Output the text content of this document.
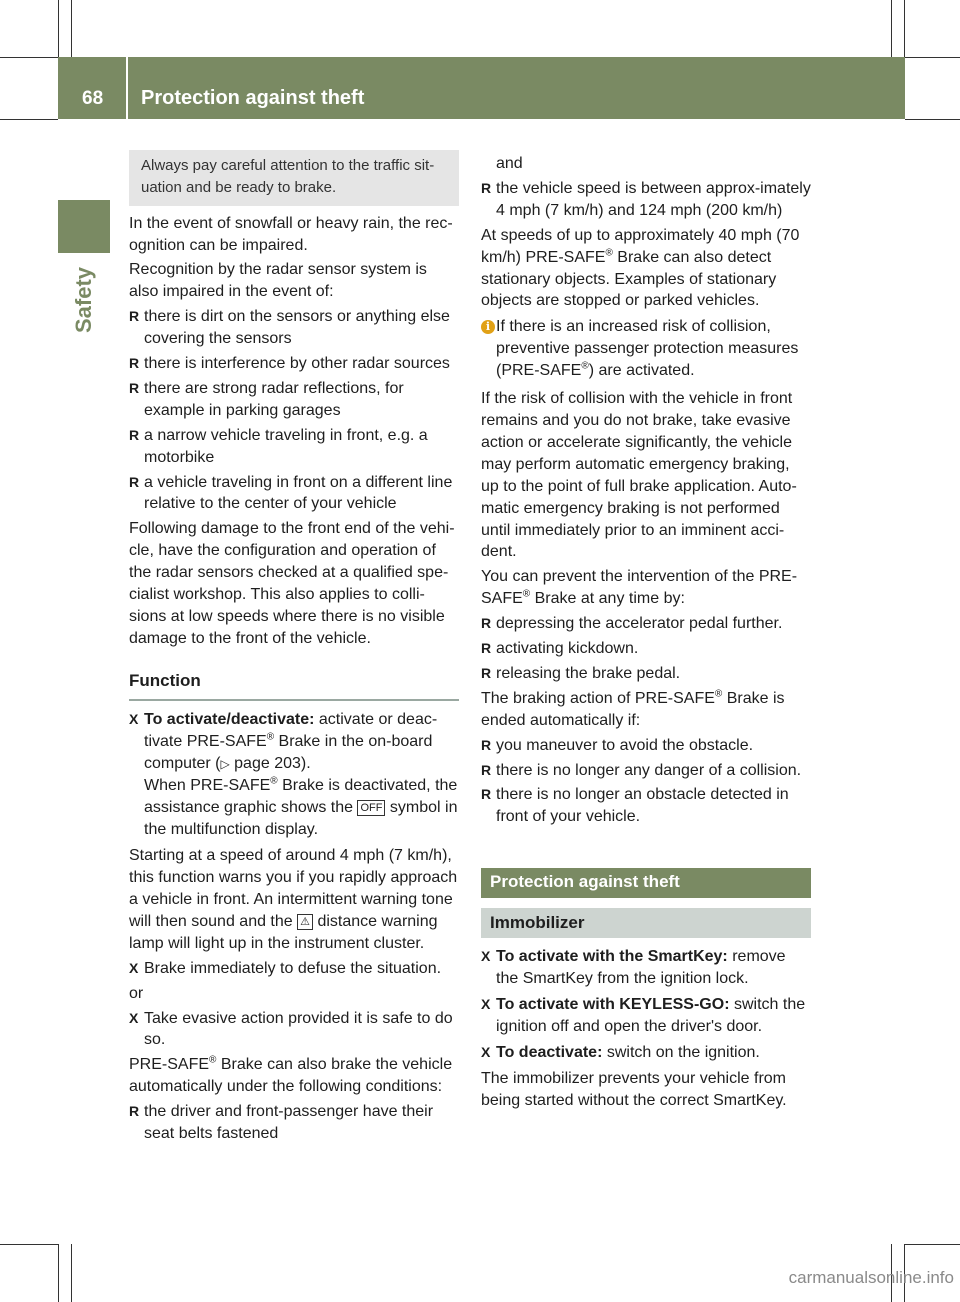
68 Protection against theft
Safety
Always pay careful attention to the traffic sit-uation and be ready to brake.

In the event of snowfall or heavy rain, the rec-ognition can be impaired.

Recognition by the radar sensor system is also impaired in the event of:

R there is dirt on the sensors or anything else covering the sensors

R there is interference by other radar sources

R there are strong radar reflections, for example in parking garages

R a narrow vehicle traveling in front, e.g. a motorbike

R a vehicle traveling in front on a different line relative to the center of your vehicle

Following damage to the front end of the vehi-cle, have the configuration and operation of the radar sensors checked at a qualified spe-cialist workshop. This also applies to colli-sions at low speeds where there is no visible damage to the front of the vehicle.

Function
X To activate/deactivate: activate or deac-tivate PRE-SAFE® Brake in the on-board computer (▷ page 203).
When PRE-SAFE® Brake is deactivated, the assistance graphic shows the OFF symbol in the multifunction display.

Starting at a speed of around 4 mph (7 km/h), this function warns you if you rapidly approach a vehicle in front. An intermittent warning tone will then sound and the ⚠ distance warning lamp will light up in the instrument cluster.

X Brake immediately to defuse the situation.

or

X Take evasive action provided it is safe to do so.

PRE-SAFE® Brake can also brake the vehicle automatically under the following conditions:

R the driver and front-passenger have their seat belts fastened

and

R the vehicle speed is between approx-imately 4 mph (7 km/h) and 124 mph (200 km/h)

At speeds of up to approximately 40 mph (70 km/h) PRE-SAFE® Brake can also detect stationary objects. Examples of stationary objects are stopped or parked vehicles.

i If there is an increased risk of collision, preventive passenger protection measures (PRE-SAFE®) are activated.

If the risk of collision with the vehicle in front remains and you do not brake, take evasive action or accelerate significantly, the vehicle may perform automatic emergency braking, up to the point of full brake application. Auto-matic emergency braking is not performed until immediately prior to an imminent acci-dent.

You can prevent the intervention of the PRE-SAFE® Brake at any time by:

R depressing the accelerator pedal further.

R activating kickdown.

R releasing the brake pedal.

The braking action of PRE-SAFE® Brake is ended automatically if:

R you maneuver to avoid the obstacle.

R there is no longer any danger of a collision.

R there is no longer an obstacle detected in front of your vehicle.

Protection against theft
Immobilizer
X To activate with the SmartKey: remove the SmartKey from the ignition lock.
X To activate with KEYLESS-GO: switch the ignition off and open the driver's door.
X To deactivate: switch on the ignition.

The immobilizer prevents your vehicle from being started without the correct SmartKey.

carmanualsonline.info
